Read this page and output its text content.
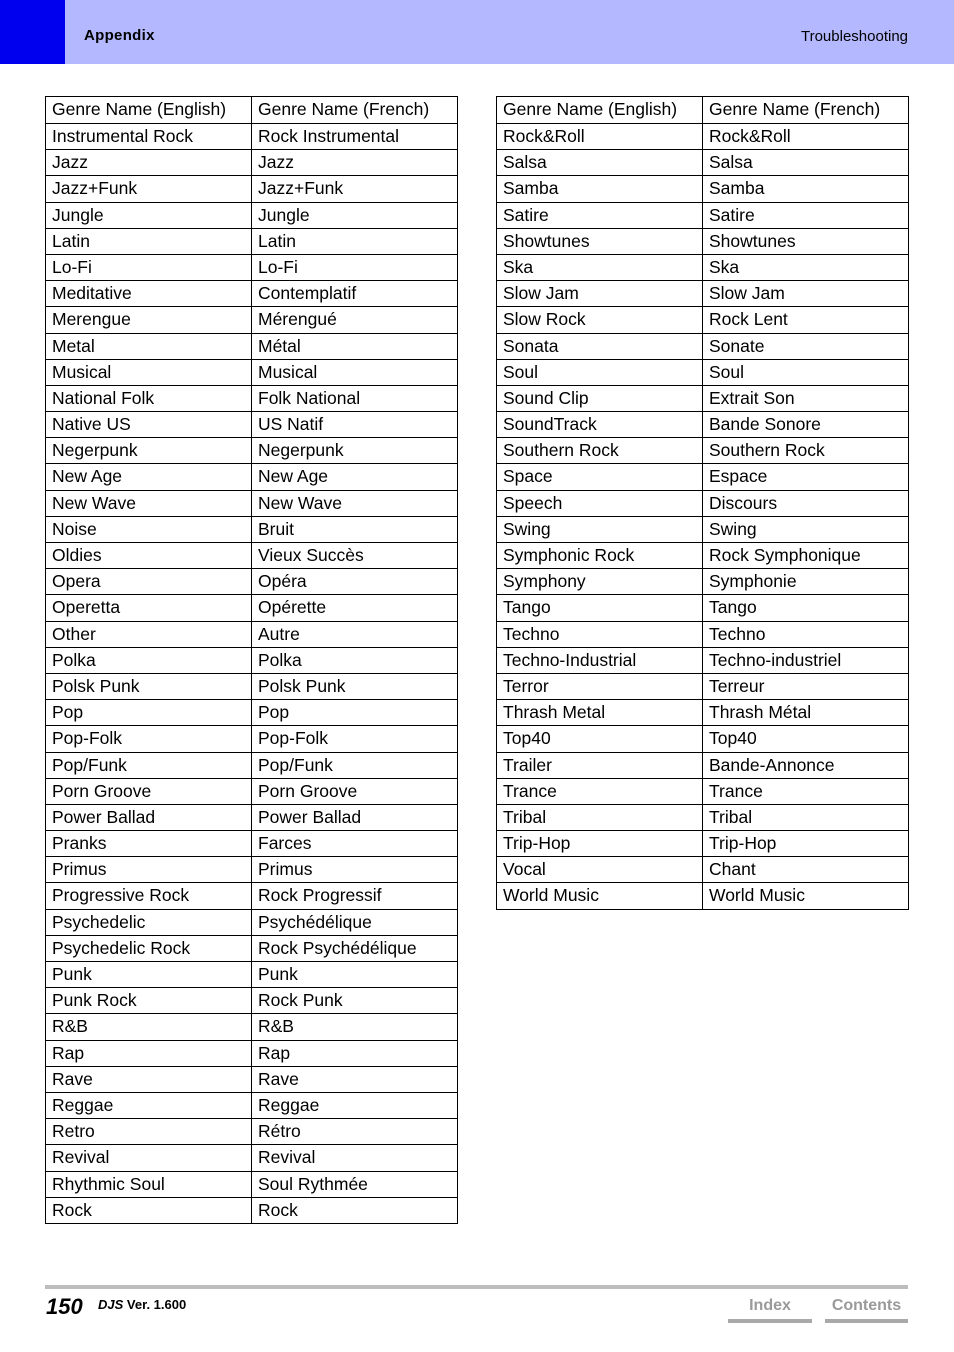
Appendix	Troubleshooting
Genre Name (English)	Genre Name (French)
Instrumental Rock	Rock Instrumental
Jazz	Jazz
Jazz+Funk	Jazz+Funk
Jungle	Jungle
Latin	Latin
Lo-Fi	Lo-Fi
Meditative	Contemplatif
Merengue	Mérengué
Metal	Métal
Musical	Musical
National Folk	Folk National
Native US	US Natif
Negerpunk	Negerpunk
New Age	New Age
New Wave	New Wave
Noise	Bruit
Oldies	Vieux Succès
Opera	Opéra
Operetta	Opérette
Other	Autre
Polka	Polka
Polsk Punk	Polsk Punk
Pop	Pop
Pop-Folk	Pop-Folk
Pop/Funk	Pop/Funk
Porn Groove	Porn Groove
Power Ballad	Power Ballad
Pranks	Farces
Primus	Primus
Progressive Rock	Rock Progressif
Psychedelic	Psychédélique
Psychedelic Rock	Rock Psychédélique
Punk	Punk
Punk Rock	Rock Punk
R&B	R&B
Rap	Rap
Rave	Rave
Reggae	Reggae
Retro	Rétro
Revival	Revival
Rhythmic Soul	Soul Rythmée
Rock	Rock
Genre Name (English)	Genre Name (French)
Rock&Roll	Rock&Roll
Salsa	Salsa
Samba	Samba
Satire	Satire
Showtunes	Showtunes
Ska	Ska
Slow Jam	Slow Jam
Slow Rock	Rock Lent
Sonata	Sonate
Soul	Soul
Sound Clip	Extrait Son
SoundTrack	Bande Sonore
Southern Rock	Southern Rock
Space	Espace
Speech	Discours
Swing	Swing
Symphonic Rock	Rock Symphonique
Symphony	Symphonie
Tango	Tango
Techno	Techno
Techno-Industrial	Techno-industriel
Terror	Terreur
Thrash Metal	Thrash Métal
Top40	Top40
Trailer	Bande-Annonce
Trance	Trance
Tribal	Tribal
Trip-Hop	Trip-Hop
Vocal	Chant
World Music	World Music
150 DJS Ver. 1.600	Index	Contents
